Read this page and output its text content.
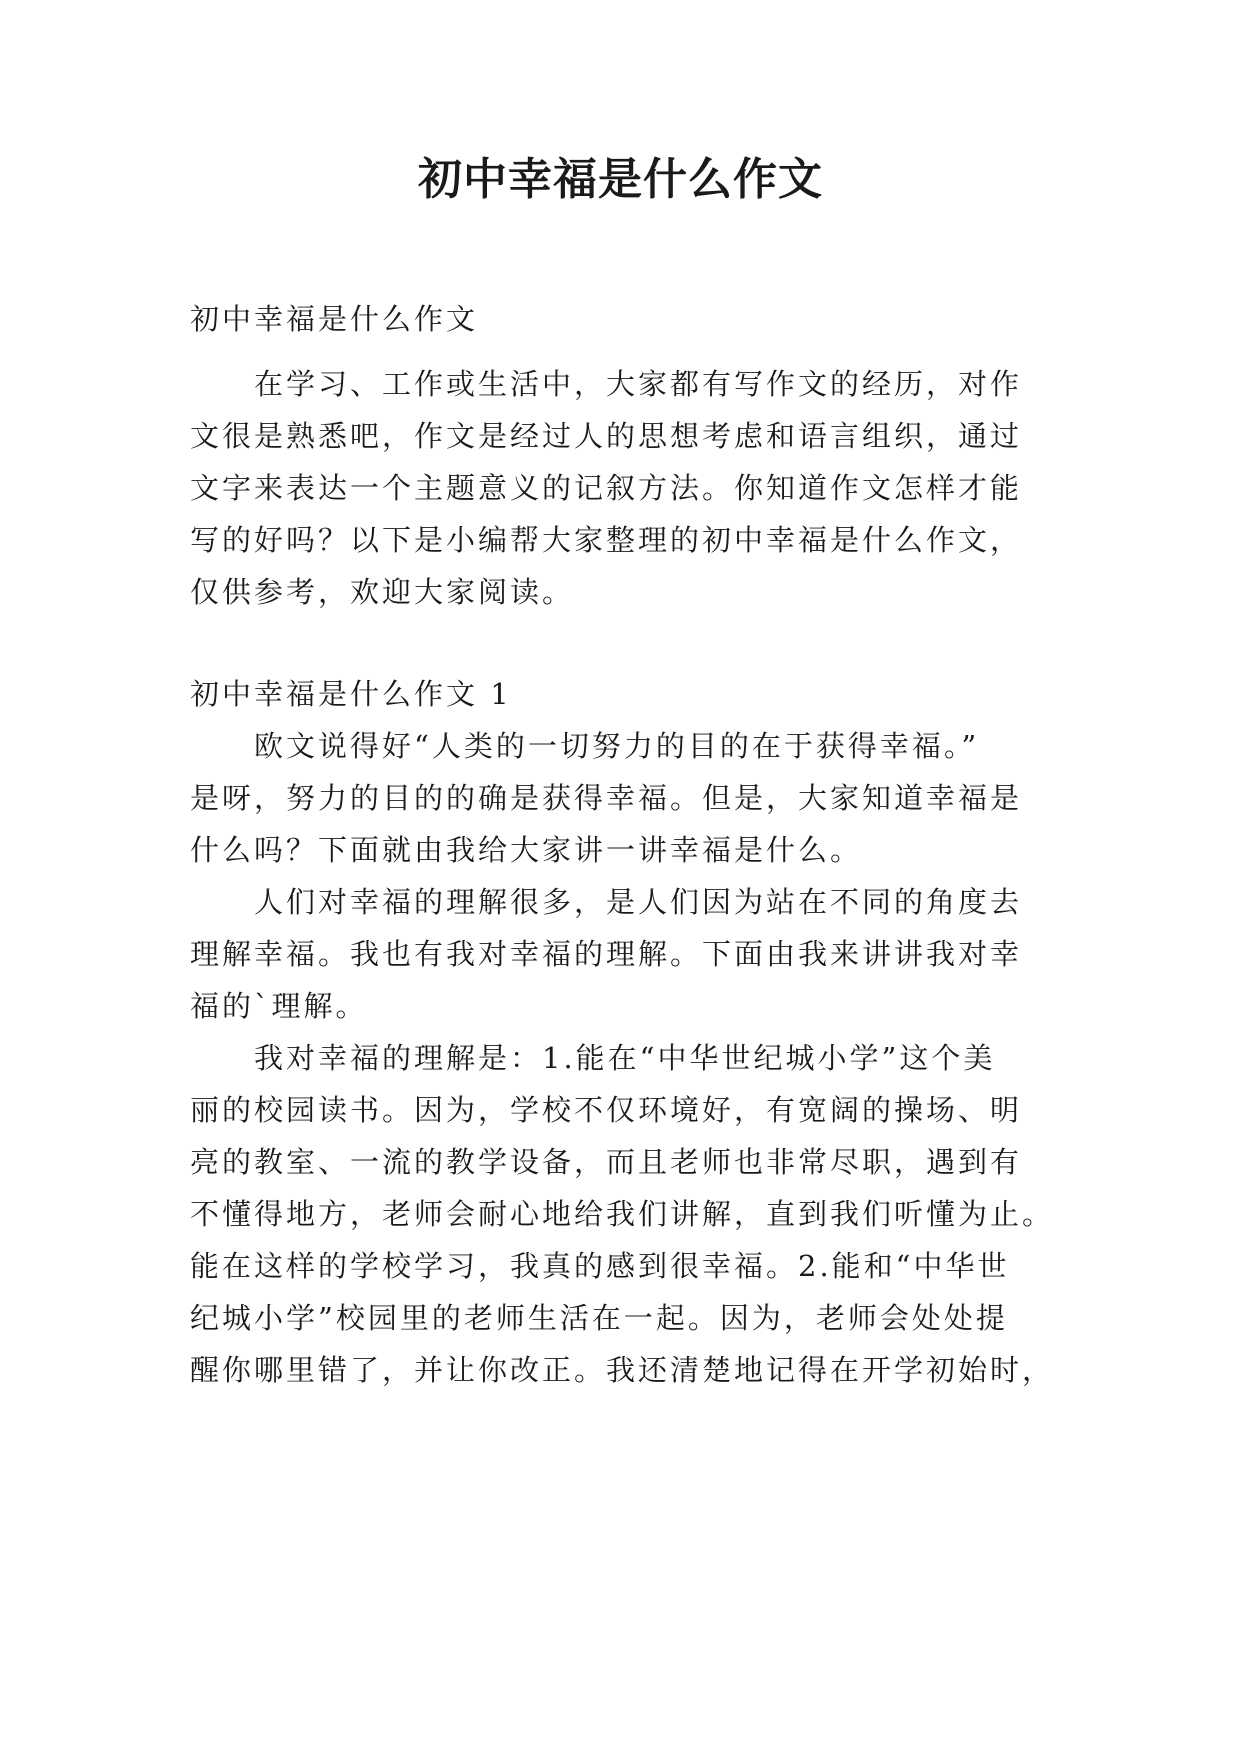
初中幸福是什么作文
初中幸福是什么作文
　　在学习、工作或生活中，大家都有写作文的经历，对作
文很是熟悉吧，作文是经过人的思想考虑和语言组织，通过
文字来表达一个主题意义的记叙方法。你知道作文怎样才能
写的好吗？以下是小编帮大家整理的初中幸福是什么作文，
仅供参考，欢迎大家阅读。
初中幸福是什么作文 1
　　欧文说得好“人类的一切努力的目的在于获得幸福。”
是呀，努力的目的的确是获得幸福。但是，大家知道幸福是
什么吗？下面就由我给大家讲一讲幸福是什么。
　　人们对幸福的理解很多，是人们因为站在不同的角度去
理解幸福。我也有我对幸福的理解。下面由我来讲讲我对幸
福的`理解。
　　我对幸福的理解是：1.能在“中华世纪城小学”这个美
丽的校园读书。因为，学校不仅环境好，有宽阔的操场、明
亮的教室、一流的教学设备，而且老师也非常尽职，遇到有
不懂得地方，老师会耐心地给我们讲解，直到我们听懂为止。
能在这样的学校学习，我真的感到很幸福。2.能和“中华世
纪城小学”校园里的老师生活在一起。因为，老师会处处提
醒你哪里错了，并让你改正。我还清楚地记得在开学初始时，
